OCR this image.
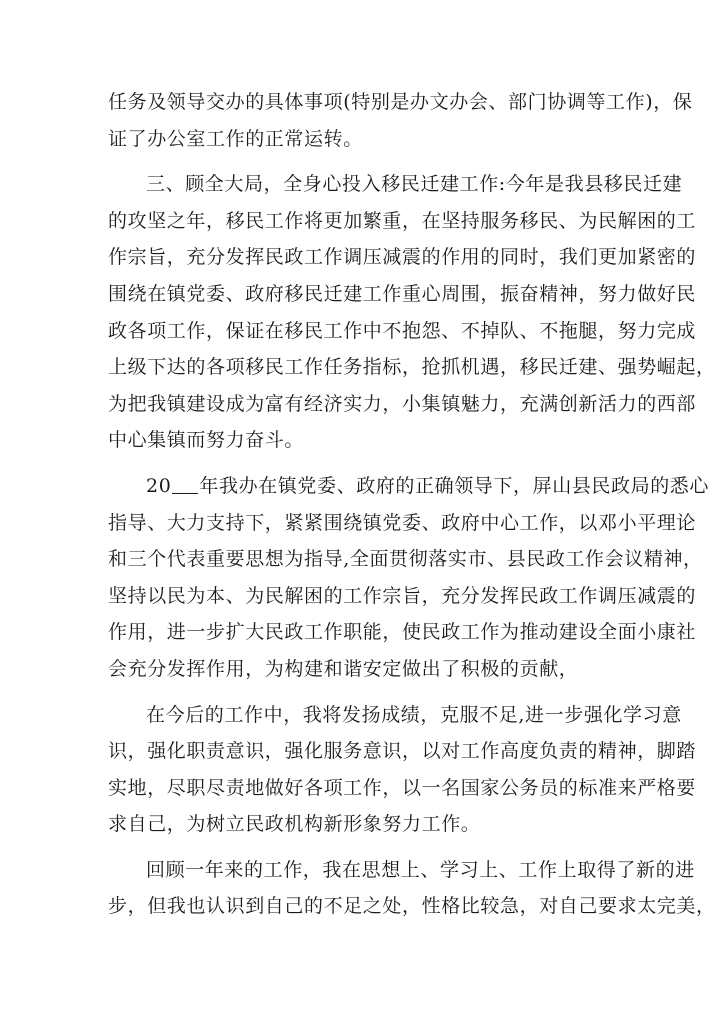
任务及领导交办的具体事项(特别是办文办会、部门协调等工作)，保
证了办公室工作的正常运转。
三、顾全大局，全身心投入移民迁建工作:今年是我县移民迁建
的攻坚之年，移民工作将更加繁重，在坚持服务移民、为民解困的工
作宗旨，充分发挥民政工作调压减震的作用的同时，我们更加紧密的
围绕在镇党委、政府移民迁建工作重心周围，振奋精神，努力做好民
政各项工作，保证在移民工作中不抱怨、不掉队、不拖腿，努力完成
上级下达的各项移民工作任务指标，抢抓机遇，移民迁建、强势崛起，
为把我镇建设成为富有经济实力，小集镇魅力，充满创新活力的西部
中心集镇而努力奋斗。
20 年我办在镇党委、政府的正确领导下，屏山县民政局的悉心
指导、大力支持下，紧紧围绕镇党委、政府中心工作，以邓小平理论
和三个代表重要思想为指导,全面贯彻落实市、县民政工作会议精神，
坚持以民为本、为民解困的工作宗旨，充分发挥民政工作调压减震的
作用，进一步扩大民政工作职能，使民政工作为推动建设全面小康社
会充分发挥作用，为构建和谐安定做出了积极的贡献，
在今后的工作中，我将发扬成绩，克服不足,进一步强化学习意
识，强化职责意识，强化服务意识，以对工作高度负责的精神，脚踏
实地，尽职尽责地做好各项工作，以一名国家公务员的标准来严格要
求自己，为树立民政机构新形象努力工作。
回顾一年来的工作，我在思想上、学习上、工作上取得了新的进
步，但我也认识到自己的不足之处，性格比较急，对自己要求太完美，
